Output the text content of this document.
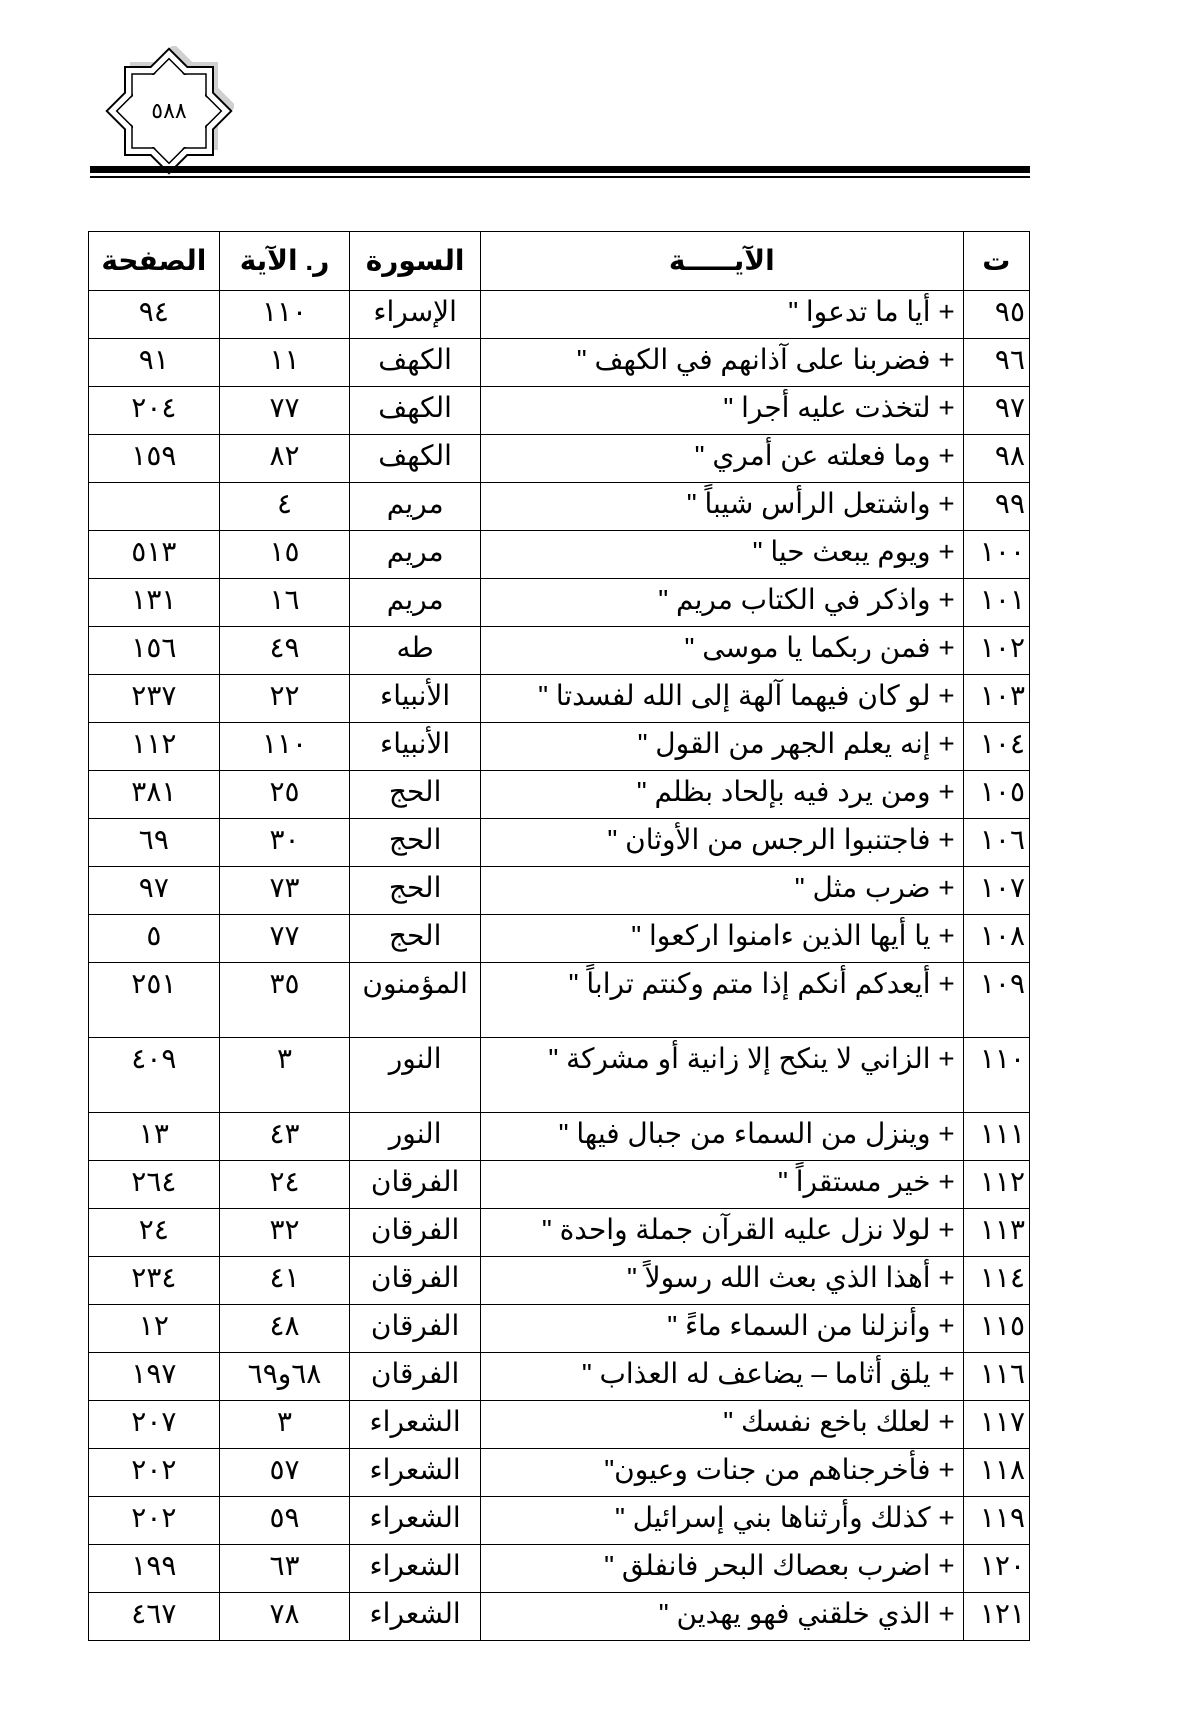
٥٨٨
ت	الآيـــــة	السورة	ر. الآية	الصفحة
٩٥	+ أيا ما تدعوا "	الإسراء	١١٠	٩٤
٩٦	+ فضربنا على آذانهم في الكهف "	الكهف	١١	٩١
٩٧	+ لتخذت عليه أجرا "	الكهف	٧٧	٢٠٤
٩٨	+ وما فعلته عن أمري "	الكهف	٨٢	١٥٩
٩٩	+ واشتعل الرأس شيباً "	مريم	٤	
١٠٠	+ ويوم يبعث حيا "	مريم	١٥	٥١٣
١٠١	+ واذكر في الكتاب مريم "	مريم	١٦	١٣١
١٠٢	+ فمن ربكما يا موسى "	طه	٤٩	١٥٦
١٠٣	+ لو كان فيهما آلهة إلى الله لفسدتا "	الأنبياء	٢٢	٢٣٧
١٠٤	+ إنه يعلم الجهر من القول "	الأنبياء	١١٠	١١٢
١٠٥	+ ومن يرد فيه بإلحاد بظلم "	الحج	٢٥	٣٨١
١٠٦	+ فاجتنبوا الرجس من الأوثان "	الحج	٣٠	٦٩
١٠٧	+ ضرب مثل "	الحج	٧٣	٩٧
١٠٨	+ يا أيها الذين ءامنوا اركعوا "	الحج	٧٧	٥
١٠٩	+ أيعدكم أنكم إذا متم وكنتم تراباً "	المؤمنون	٣٥	٢٥١
١١٠	+ الزاني لا ينكح إلا زانية أو مشركة "	النور	٣	٤٠٩
١١١	+ وينزل من السماء من جبال فيها "	النور	٤٣	١٣
١١٢	+ خير مستقراً "	الفرقان	٢٤	٢٦٤
١١٣	+ لولا نزل عليه القرآن جملة واحدة "	الفرقان	٣٢	٢٤
١١٤	+ أهذا الذي بعث الله رسولاً "	الفرقان	٤١	٢٣٤
١١٥	+ وأنزلنا من السماء ماءً "	الفرقان	٤٨	١٢
١١٦	+ يلق أثاما – يضاعف له العذاب "	الفرقان	٦٨و٦٩	١٩٧
١١٧	+ لعلك باخع نفسك "	الشعراء	٣	٢٠٧
١١٨	+ فأخرجناهم من جنات وعيون"	الشعراء	٥٧	٢٠٢
١١٩	+ كذلك وأرثناها بني إسرائيل "	الشعراء	٥٩	٢٠٢
١٢٠	+ اضرب بعصاك البحر فانفلق "	الشعراء	٦٣	١٩٩
١٢١	+ الذي خلقني فهو يهدين "	الشعراء	٧٨	٤٦٧
